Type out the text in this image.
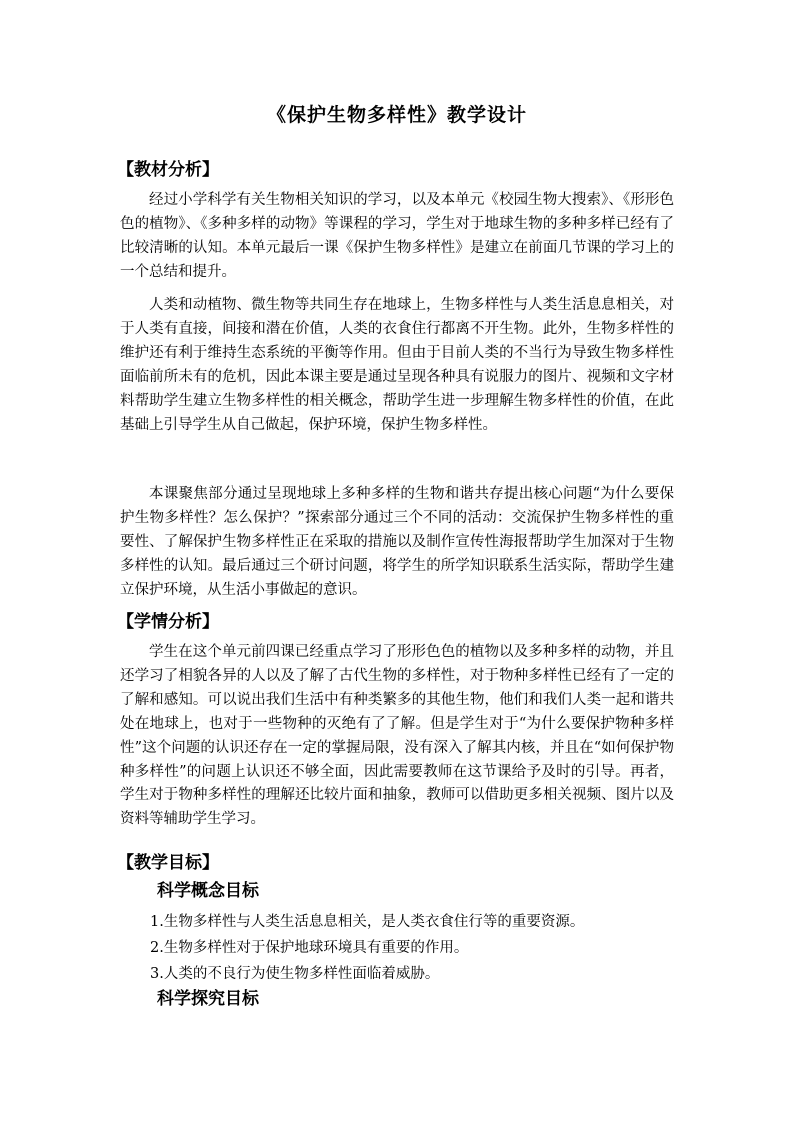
《保护生物多样性》教学设计
【教材分析】
经过小学科学有关生物相关知识的学习，以及本单元《校园生物大搜索》、《形形色色的植物》、《多种多样的动物》等课程的学习，学生对于地球生物的多种多样已经有了比较清晰的认知。本单元最后一课《保护生物多样性》是建立在前面几节课的学习上的一个总结和提升。
人类和动植物、微生物等共同生存在地球上，生物多样性与人类生活息息相关，对于人类有直接，间接和潜在价值，人类的衣食住行都离不开生物。此外，生物多样性的维护还有利于维持生态系统的平衡等作用。但由于目前人类的不当行为导致生物多样性面临前所未有的危机，因此本课主要是通过呈现各种具有说服力的图片、视频和文字材料帮助学生建立生物多样性的相关概念，帮助学生进一步理解生物多样性的价值，在此基础上引导学生从自己做起，保护环境，保护生物多样性。
本课聚焦部分通过呈现地球上多种多样的生物和谐共存提出核心问题“为什么要保护生物多样性？怎么保护？”探索部分通过三个不同的活动：交流保护生物多样性的重要性、了解保护生物多样性正在采取的措施以及制作宣传性海报帮助学生加深对于生物多样性的认知。最后通过三个研讨问题，将学生的所学知识联系生活实际，帮助学生建立保护环境，从生活小事做起的意识。
【学情分析】
学生在这个单元前四课已经重点学习了形形色色的植物以及多种多样的动物，并且还学习了相貌各异的人以及了解了古代生物的多样性，对于物种多样性已经有了一定的了解和感知。可以说出我们生活中有种类繁多的其他生物，他们和我们人类一起和谐共处在地球上，也对于一些物种的灭绝有了了解。但是学生对于“为什么要保护物种多样性”这个问题的认识还存在一定的掌握局限，没有深入了解其内核，并且在“如何保护物种多样性”的问题上认识还不够全面，因此需要教师在这节课给予及时的引导。再者，学生对于物种多样性的理解还比较片面和抽象，教师可以借助更多相关视频、图片以及资料等辅助学生学习。
【教学目标】
科学概念目标
1.生物多样性与人类生活息息相关，是人类衣食住行等的重要资源。
2.生物多样性对于保护地球环境具有重要的作用。
3.人类的不良行为使生物多样性面临着威胁。
科学探究目标
